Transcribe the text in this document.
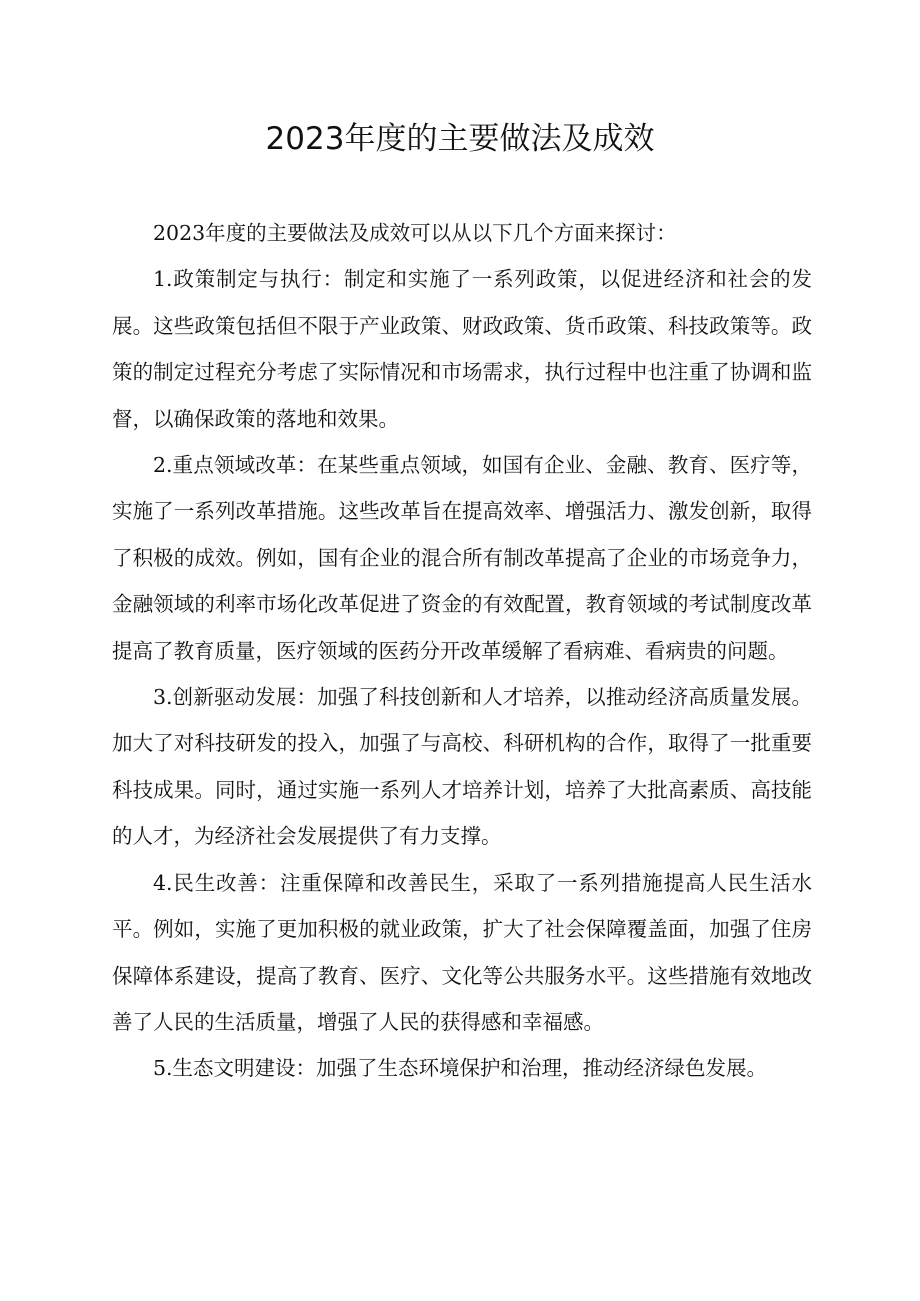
2023年度的主要做法及成效

2023年度的主要做法及成效可以从以下几个方面来探讨：

1.政策制定与执行：制定和实施了一系列政策，以促进经济和社会的发展。这些政策包括但不限于产业政策、财政政策、货币政策、科技政策等。政策的制定过程充分考虑了实际情况和市场需求，执行过程中也注重了协调和监督，以确保政策的落地和效果。

2.重点领域改革：在某些重点领域，如国有企业、金融、教育、医疗等，实施了一系列改革措施。这些改革旨在提高效率、增强活力、激发创新，取得了积极的成效。例如，国有企业的混合所有制改革提高了企业的市场竞争力，金融领域的利率市场化改革促进了资金的有效配置，教育领域的考试制度改革提高了教育质量，医疗领域的医药分开改革缓解了看病难、看病贵的问题。

3.创新驱动发展：加强了科技创新和人才培养，以推动经济高质量发展。加大了对科技研发的投入，加强了与高校、科研机构的合作，取得了一批重要科技成果。同时，通过实施一系列人才培养计划，培养了大批高素质、高技能的人才，为经济社会发展提供了有力支撑。

4.民生改善：注重保障和改善民生，采取了一系列措施提高人民生活水平。例如，实施了更加积极的就业政策，扩大了社会保障覆盖面，加强了住房保障体系建设，提高了教育、医疗、文化等公共服务水平。这些措施有效地改善了人民的生活质量，增强了人民的获得感和幸福感。

5.生态文明建设：加强了生态环境保护和治理，推动经济绿色发展。
